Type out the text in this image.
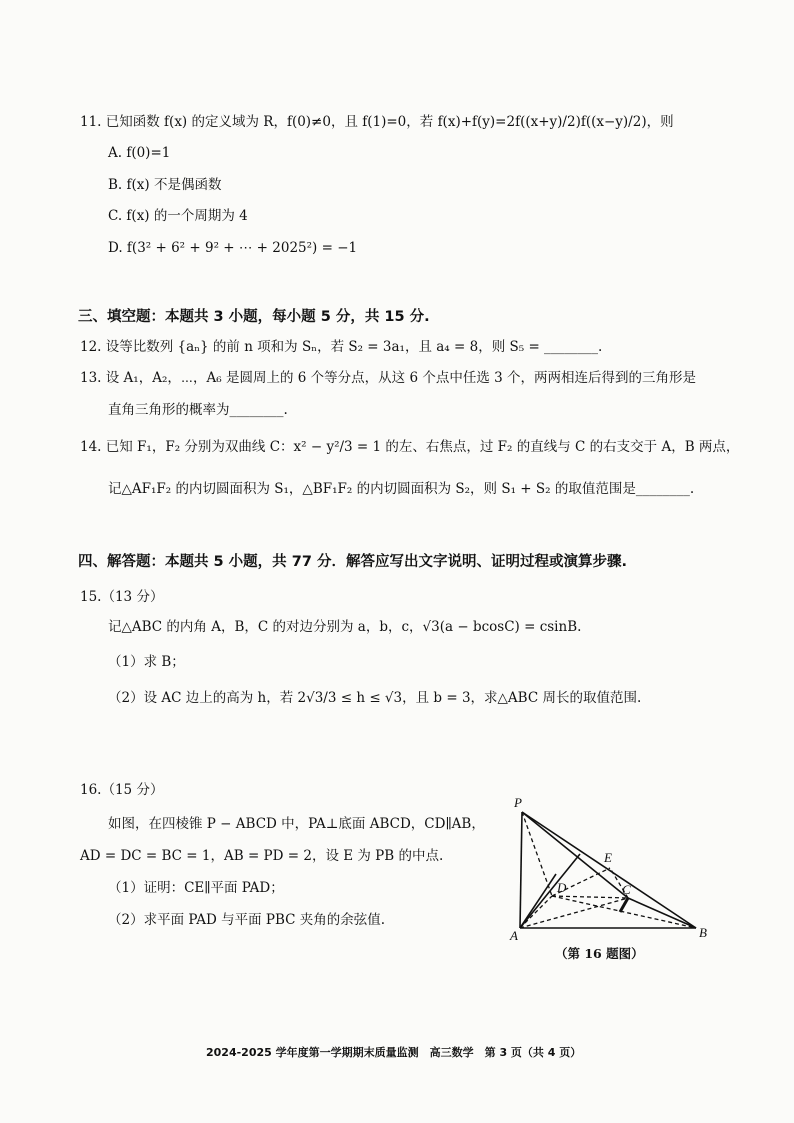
11. 已知函数 f(x) 的定义域为 R，f(0)≠0，且 f(1)=0，若 f(x)+f(y)=2f((x+y)/2)f((x−y)/2)，则
A. f(0)=1
B. f(x) 不是偶函数
C. f(x) 的一个周期为 4
D. f(3² + 6² + 9² + ⋯ + 2025²) = −1
三、填空题：本题共 3 小题，每小题 5 分，共 15 分.
12. 设等比数列 {aₙ} 的前 n 项和为 Sₙ，若 S₂ = 3a₁，且 a₄ = 8，则 S₅ = ________.
13. 设 A₁，A₂，⋯，A₆ 是圆周上的 6 个等分点，从这 6 个点中任选 3 个，两两相连后得到的三角形是
直角三角形的概率为________.
14. 已知 F₁，F₂ 分别为双曲线 C：x² − y²/3 = 1 的左、右焦点，过 F₂ 的直线与 C 的右支交于 A，B 两点，
记△AF₁F₂ 的内切圆面积为 S₁，△BF₁F₂ 的内切圆面积为 S₂，则 S₁ + S₂ 的取值范围是________.
四、解答题：本题共 5 小题，共 77 分．解答应写出文字说明、证明过程或演算步骤.
15.（13 分）
记△ABC 的内角 A，B，C 的对边分别为 a，b，c，√3(a − bcosC) = csinB.
（1）求 B；
（2）设 AC 边上的高为 h，若 2√3/3 ≤ h ≤ √3，且 b = 3，求△ABC 周长的取值范围.
16.（15 分）
如图，在四棱锥 P − ABCD 中，PA⊥底面 ABCD，CD∥AB，
AD = DC = BC = 1，AB = PD = 2，设 E 为 PB 的中点.
（1）证明：CE∥平面 PAD；
（2）求平面 PAD 与平面 PBC 夹角的余弦值.
P
A	B
C
D
E
（第 16 题图）
2024-2025 学年度第一学期期末质量监测　高三数学　第 3 页（共 4 页）
